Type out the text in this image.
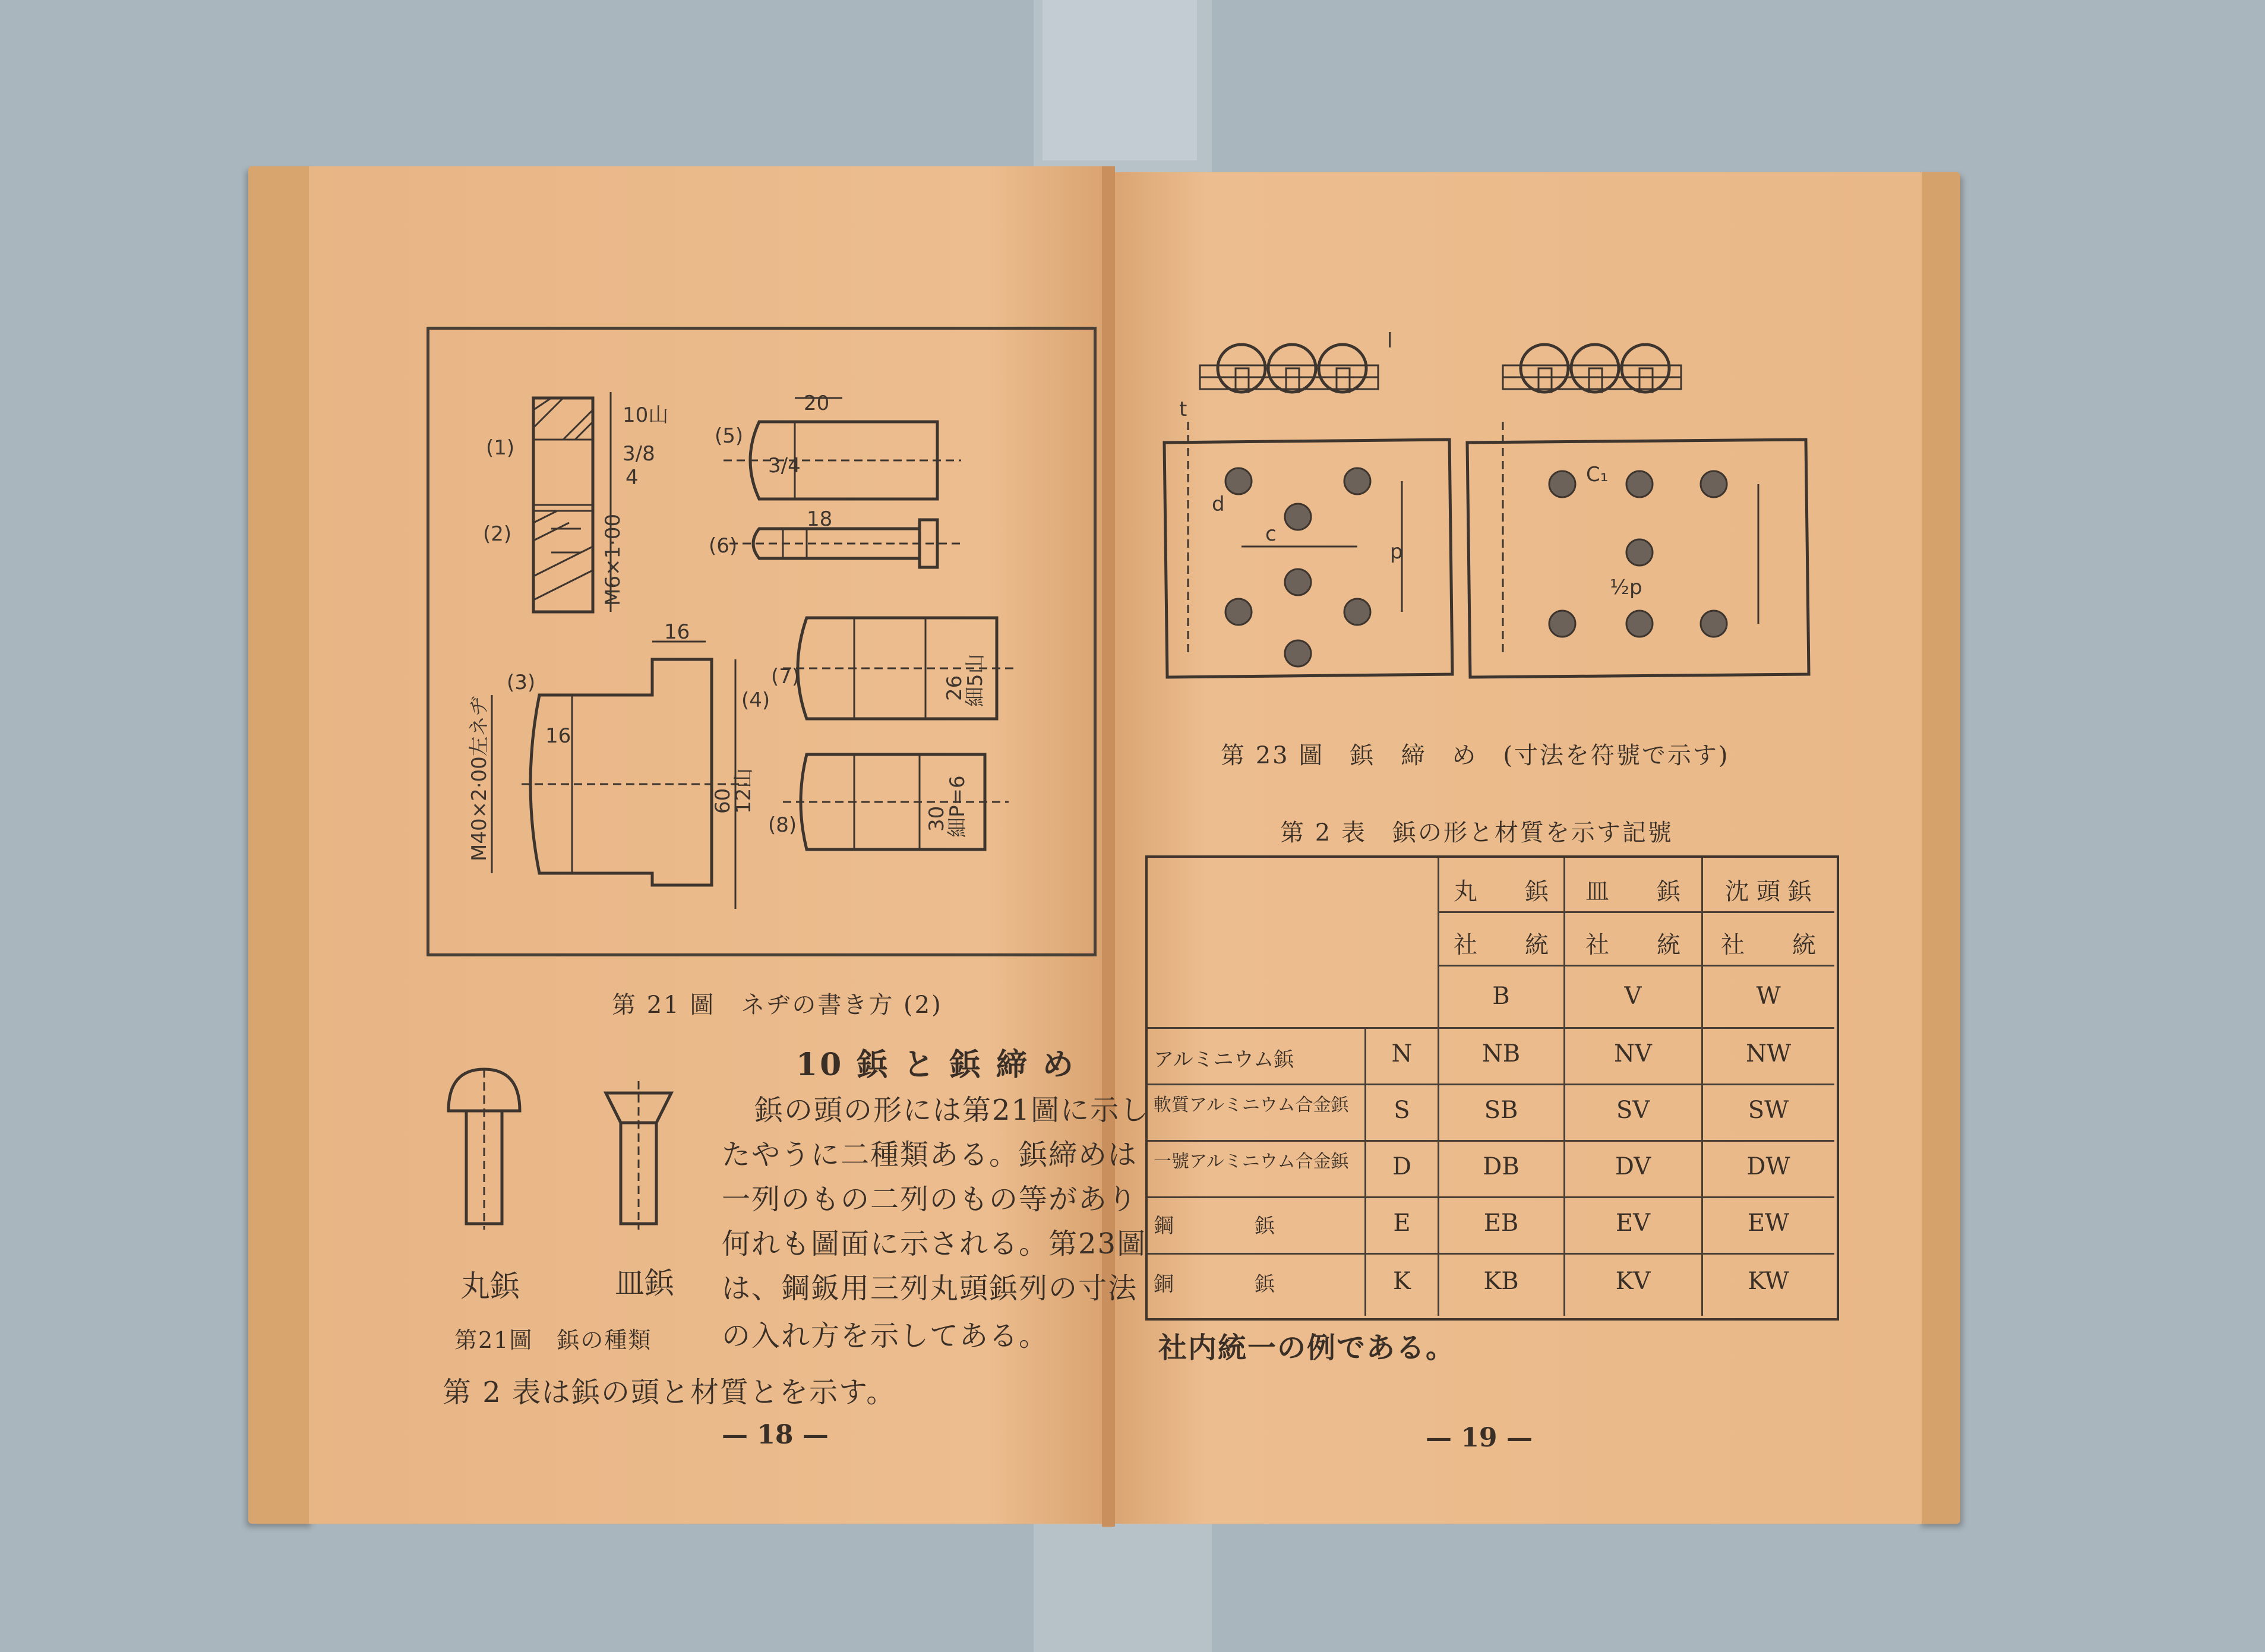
(1)
(2)
(3)
(4)
(5)
(6)
(7)
(8)
10山
3/8
4
M6×1·00
20
3/4
18
16
16
M40×2·00左ネヂ	60
12山
26
細5山
30
細P=6
第 21 圖　ネヂの書き方 (2)
10 鋲 と 鋲 締 め
丸鋲	皿鋲
第21圖　鋲の種類
鋲の頭の形には第21圖に示し
たやうに二種類ある。鋲締めは
一列のもの二列のもの等があり
何れも圖面に示される。第23圖
は、鋼鈑用三列丸頭鋲列の寸法
の入れ方を示してある。
第 2 表は鋲の頭と材質とを示す。
— 18 —
l
t
d
c
p
C₁
½p
第 23 圖　鋲　締　め　(寸法を符號で示す)
第 2 表　鋲の形と材質を示す記號
丸　　鋲	皿　　鋲	沈 頭 鋲
社　　統	社　　統	社　　統
B	V	W
アルミニウム鋲	N	NB	NV	NW
軟質アルミニウム合金鋲	S	SB	SV	SW
一號アルミニウム合金鋲	D	DB	DV	DW
鋼　　　　鋲	E	EB	EV	EW
銅　　　　鋲	K	KB	KV	KW
社内統一の例である。
— 19 —
